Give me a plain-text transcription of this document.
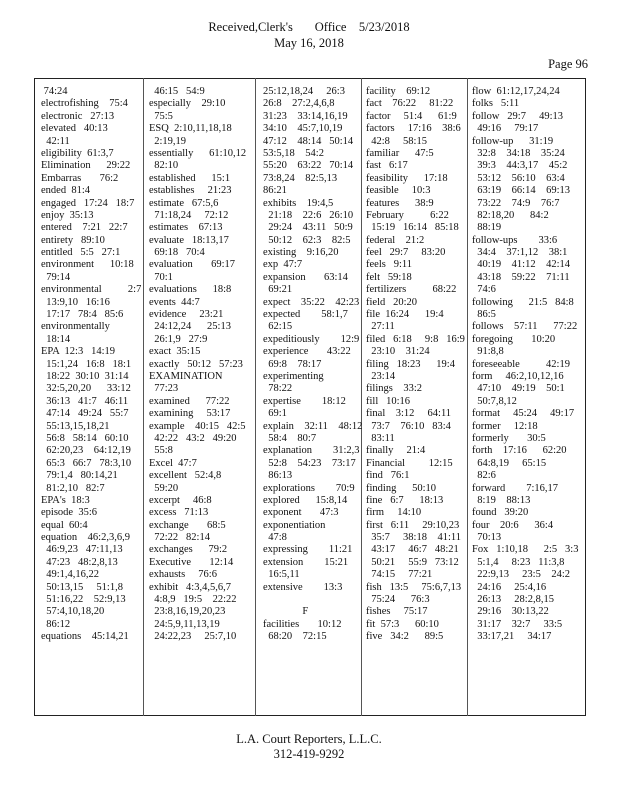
Received,Clerk's       Office    5/23/2018
May 16, 2018
Page 96
74:24
electrofishing    75:4
electronic   27:13
elevated   40:13
42:11
eligibility  61:3,7
Elimination      29:22
Embarras       76:2
ended  81:4
engaged   17:24   18:7
enjoy  35:13
entered    7:21   22:7
entirety   89:10
entitled   5:5   27:1
environment      10:18
79:14
environmental          2:7
13:9,10   16:16
17:17   78:4   85:6
environmentally
18:14
EPA  12:3   14:19
15:1,24   16:8   18:1
18:22  30:10  31:14
32:5,20,20      33:12
36:13   41:7   46:11
47:14   49:24   55:7
55:13,15,18,21
56:8   58:14   60:10
62:20,23    64:12,19
65:3   66:7   78:3,10
79:1,4   80:14,21
81:2,10   82:7
EPA's  18:3
episode  35:6
equal  60:4
equation    46:2,3,6,9
46:9,23   47:11,13
47:23   48:2,8,13
49:1,4,16,22
50:13,15     51:1,8
51:16,22    52:9,13
57:4,10,18,20
86:12
equations    45:14,21
46:15   54:9
especially    29:10
75:5
ESQ  2:10,11,18,18
2:19,19
essentially      61:10,12
82:10
established      15:1
establishes     21:23
estimate   67:5,6
71:18,24     72:12
estimates    67:13
evaluate   18:13,17
69:18   70:4
evaluation       69:17
70:1
evaluations      18:8
events  44:7
evidence     23:21
24:12,24      25:13
26:1,9   27:9
exact  35:15
exactly   50:12   57:23
EXAMINATION
77:23
examined      77:22
examining     53:17
example    40:15   42:5
42:22   43:2   49:20
55:8
Excel  47:7
excellent   52:4,8
59:20
excerpt     46:8
excess   71:13
exchange       68:5
72:22   82:14
exchanges      79:2
Executive       12:14
exhausts     76:6
exhibit   4:3,4,5,6,7
4:8,9   19:5    22:22
23:8,16,19,20,23
24:5,9,11,13,19
24:22,23     25:7,10
25:12,18,24     26:3
26:8    27:2,4,6,8
31:23    33:14,16,19
34:10    45:7,10,19
47:12    48:14   50:14
53:5,18    54:2
55:20    63:22   70:14
73:8,24    82:5,13
86:21
exhibits    19:4,5
21:18    22:6   26:10
29:24    43:11   50:9
50:12    62:3    82:5
existing    9:16,20
exp  47:7
expansion       63:14
69:21
expect    35:22    42:23
expected        58:1,7
62:15
expeditiously        12:9
experience       43:22
69:8    78:17
experimenting
78:22
expertise        18:12
69:1
explain    32:11    48:12
58:4    80:7
explanation        31:2,3
52:8    54:23    73:17
86:13
explorations        70:9
explored      15:8,14
exponent       47:3
exponentiation
47:8
expressing        11:21
extension        15:21
16:5,11
extensive        13:3
F
facilities       10:12
68:20    72:15
facility    69:12
fact    76:22     81:22
factor     51:4      61:9
factors     17:16    38:6
42:8     58:15
familiar      47:5
fast   6:17
feasibility      17:18
feasible     10:3
features      38:9
February          6:22
15:19   16:14   85:18
federal    21:2
feel   29:7     83:20
feels   9:11
felt   59:18
fertilizers          68:22
field   20:20
file  16:24      19:4
27:11
filed   6:18     9:8   16:9
23:10    31:24
filing   18:23      19:4
23:14
filings    33:2
fill   10:16
final    3:12     64:11
73:7    76:10   83:4
83:11
finally     21:4
Financial         12:15
find   76:1
finding      50:10
fine   6:7      18:13
firm     14:10
first   6:11     29:10,23
35:7     38:18    41:11
43:17     46:7   48:21
50:21     55:9   73:12
74:15     77:21
fish   13:5     75:6,7,13
75:24      76:3
fishes     75:17
fit  57:3      60:10
five   34:2      89:5
flow  61:12,17,24,24
folks   5:11
follow   29:7     49:13
49:16     79:17
follow-up      31:19
32:8    34:18    35:24
39:3    44:3,17    45:2
53:12    56:10    63:4
63:19    66:14    69:13
73:22    74:9    76:7
82:18,20      84:2
88:19
follow-ups        33:6
34:4    37:1,12    38:1
40:19    41:12    42:14
43:18    59:22    71:11
74:6
following      21:5   84:8
86:5
follows    57:11      77:22
foregoing       10:20
91:8,8
foreseeable          42:19
form     46:2,10,12,16
47:10    49:19    50:1
50:7,8,12
format     45:24     49:17
former     12:18
formerly       30:5
forth    17:16      62:20
64:8,19     65:15
82:6
forward        7:16,17
8:19    88:13
found   39:20
four    20:6      36:4
70:13
Fox   1:10,18      2:5   3:3
5:1,4     8:23   11:3,8
22:9,13     23:5    24:2
24:16     25:4,16
26:13     28:2,8,15
29:16    30:13,22
31:17    32:7     33:5
33:17,21     34:17
L.A. Court Reporters, L.L.C.
312-419-9292
